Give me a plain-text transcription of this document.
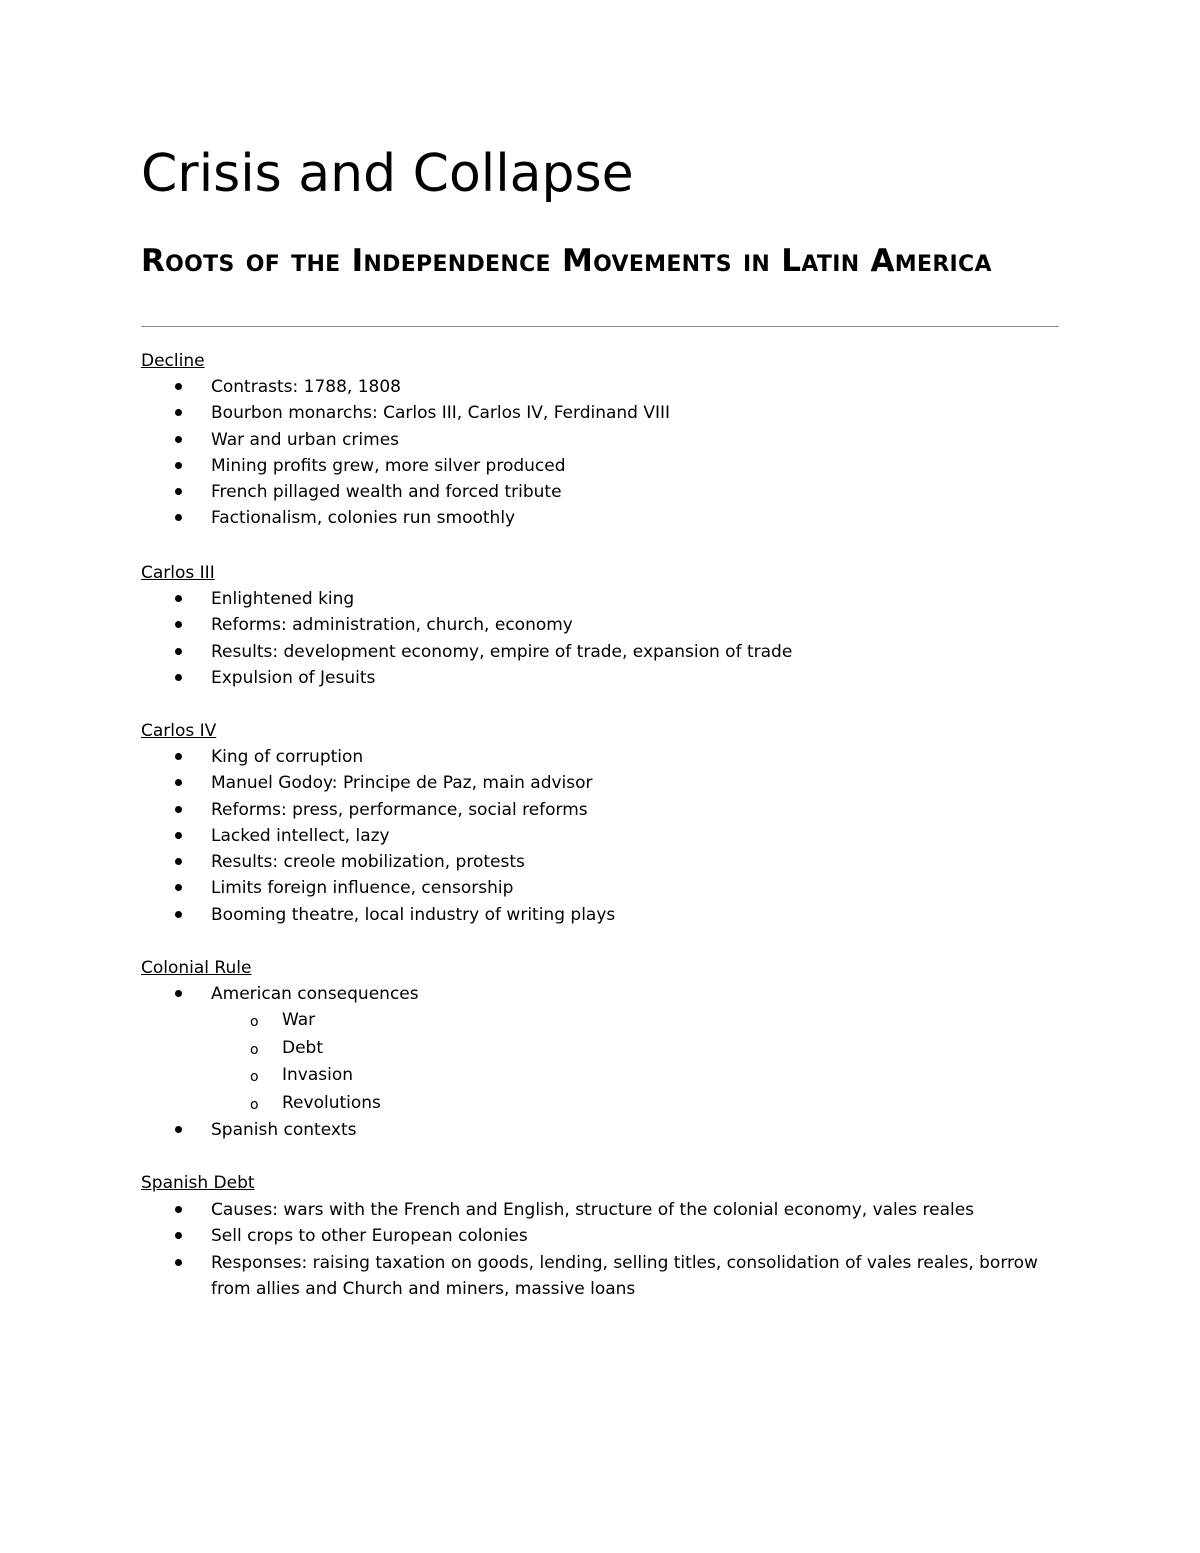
Crisis and Collapse
Roots of the Independence Movements in Latin America
Decline
Contrasts: 1788, 1808
Bourbon monarchs: Carlos III, Carlos IV, Ferdinand VIII
War and urban crimes
Mining profits grew, more silver produced
French pillaged wealth and forced tribute
Factionalism, colonies run smoothly
Carlos III
Enlightened king
Reforms: administration, church, economy
Results: development economy, empire of trade, expansion of trade
Expulsion of Jesuits
Carlos IV
King of corruption
Manuel Godoy: Principe de Paz, main advisor
Reforms: press, performance, social reforms
Lacked intellect, lazy
Results: creole mobilization, protests
Limits foreign influence, censorship
Booming theatre, local industry of writing plays
Colonial Rule
American consequences
o War
o Debt
o Invasion
o Revolutions
Spanish contexts
Spanish Debt
Causes: wars with the French and English, structure of the colonial economy, vales reales
Sell crops to other European colonies
Responses: raising taxation on goods, lending, selling titles, consolidation of vales reales, borrow from allies and Church and miners, massive loans
